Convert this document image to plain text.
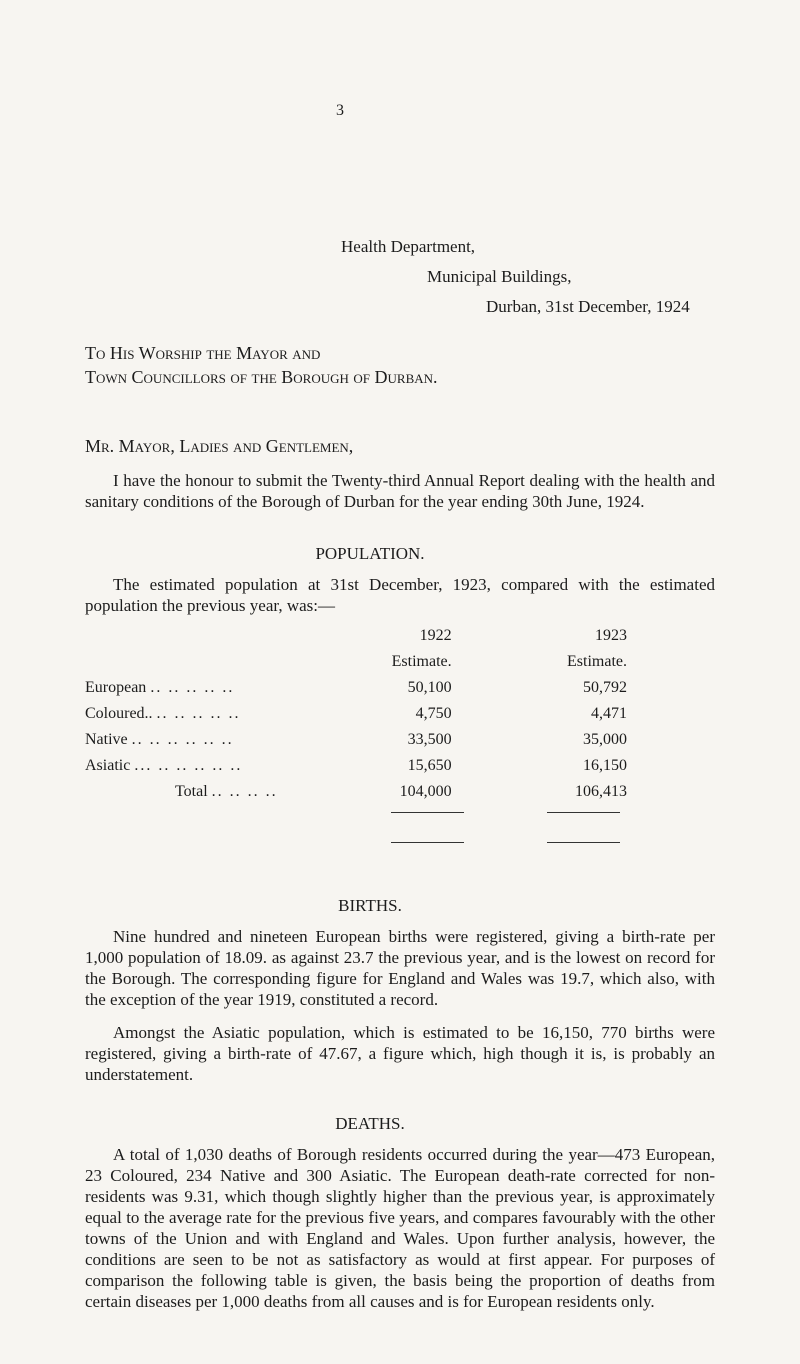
3
Health Department,
Municipal Buildings,
Durban, 31st December, 1924
To His Worship the Mayor and
Town Councillors of the Borough of Durban.
Mr. Mayor, Ladies and Gentlemen,
I have the honour to submit the Twenty-third Annual Report dealing with the health and sanitary conditions of the Borough of Durban for the year ending 30th June, 1924.
POPULATION.
The estimated population at 31st December, 1923, compared with the estimated population the previous year, was:—
	1922	1923
	Estimate.	Estimate.
European .. .. .. .. ..	50,100	50,792
Coloured.. .. .. .. .. ..	4,750	4,471
Native .. .. .. .. .. ..	33,500	35,000
Asiatic ... .. .. .. .. ..	15,650	16,150
Total .. .. .. ..	104,000	106,413
BIRTHS.
Nine hundred and nineteen European births were registered, giving a birth-rate per 1,000 population of 18.09. as against 23.7 the previous year, and is the lowest on record for the Borough. The corresponding figure for England and Wales was 19.7, which also, with the exception of the year 1919, constituted a record.
Amongst the Asiatic population, which is estimated to be 16,150, 770 births were registered, giving a birth-rate of 47.67, a figure which, high though it is, is probably an understatement.
DEATHS.
A total of 1,030 deaths of Borough residents occurred during the year—473 European, 23 Coloured, 234 Native and 300 Asiatic. The European death-rate corrected for non-residents was 9.31, which though slightly higher than the previous year, is approximately equal to the average rate for the previous five years, and compares favourably with the other towns of the Union and with England and Wales. Upon further analysis, however, the conditions are seen to be not as satisfactory as would at first appear. For purposes of comparison the following table is given, the basis being the proportion of deaths from certain diseases per 1,000 deaths from all causes and is for European residents only.
